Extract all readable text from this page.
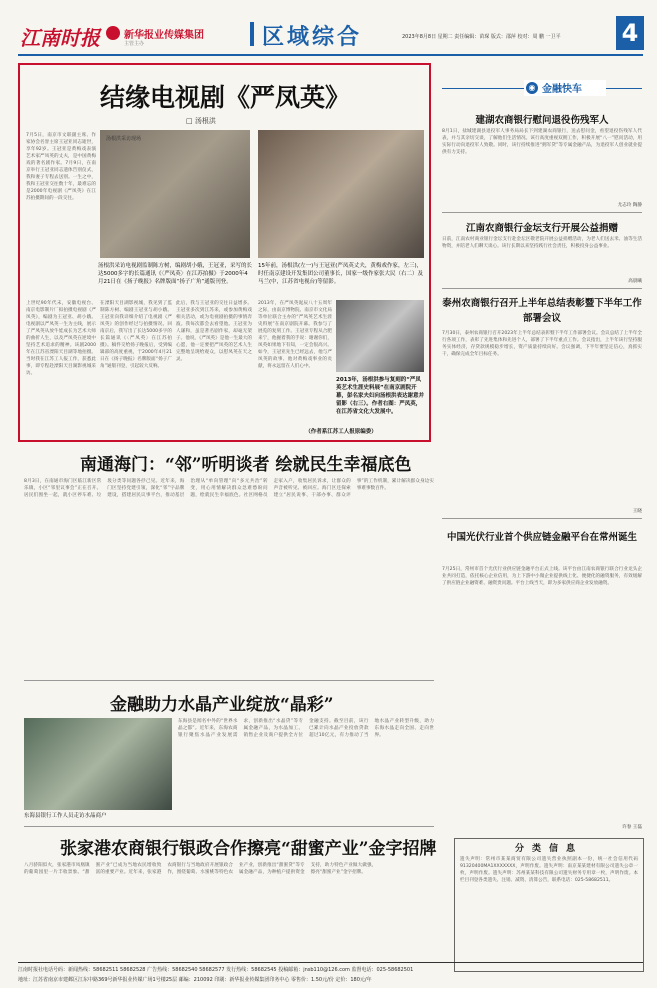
江南时报 新华报业传媒集团
主管主办	区域综合	2023年8月8日 星期二 责任编辑：苗琛 版式：邵萍 校对：周 鹏 一卫平	4
结缘电视剧《严凤英》
□ 汤根洪
7月5日，南京市文联副主席、作家协会名誉主席王冠亚同志逝世，享年92岁。王冠亚是黄梅戏表演艺术家严凤英的丈夫，是中国黄梅戏的著名剧作家。7月9日，在南京举行王冠亚同志遗体告别仪式，我和妻子专程去送别。一生之中，我和王冠亚交往数十年，最难忘的是2000年电视剧《严凤英》在江苏拍摄期间的一段交往。
汤根洪采访现场
汤根洪采访电视剧监制陈方树，编剧胡小娥，王冠亚，采写的长达5000多字的长篇通讯《〈严凤英〉在江苏拍摄》于2000年4月21日在《扬子晚报》名牌版面“扬子广角”通版刊登。
15年前，汤根洪(左一)与王冠亚(严凤英丈夫，黄梅戏作家，左三)，时任南京建设开发集团公司董事长，国家一级作家张大民（右二）及马兰(中，江苏省电视台)等留影。
上世纪90年代末，安徽电视台、南京电影制片厂拟拍摄电视剧《严凤英》，编剧为王冠亚、胡小娥。电视剧以严凤英一生为主线，展示了严凤英从放牛娃成长为艺术大师的曲折人生，以及严凤英在逆境中坚持艺术追求的精神。该剧2000年在江苏省溧阳天目湖等地拍摄。当时我在江苏工人报工作，获悉此事，即专程赴溧阳天目湖影视城采访。
在溧阳天目湖影视城，我见到了监制陈方树、编剧王冠亚与胡小娥。王冠亚向我详细介绍了电视剧《严凤英》的创作经过与拍摄情况。回南京后，我写出了长达5000多字的长篇通讯《〈严凤英〉在江苏拍摄》。稿件交给扬子晚报后，受到编辑部的高度重视，于2000年4月21日在《扬子晚报》名牌版面“扬子广角”通版刊登，引起较大反响。
此后，我与王冠亚的交往日益增多。王冠亚多次到江苏来，或参加黄梅戏相关活动，或为电视剧拍摄的事情奔波。我每次都会去看望他。王冠亚为人谦和，虽是著名剧作家，却毫无架子。他说，《严凤英》是他一生最大的心愿，他一定要把严凤英的艺术人生完整地呈现给观众，以慰凤英在天之灵。
2013年，在严凤英诞辰八十五周年之际，由南京博物院、南京市文化局等单位联合主办的“严凤英艺术生涯史料展”在南京剧院开幕。我参与了展览的复刻工作。王冠亚专程从合肥来宁，他握着我的手说：谢谢你们，凤英如果地下有知，一定会很高兴。如今，王冠亚先生已经远去，他与严凤英的故事、他对黄梅戏事业的贡献，将永远留在人们心中。
2013年，汤根洪参与复刻的“严凤英艺术生涯史料展”在南京剧院开幕，彭名家夫妇向汤根洪表达谢意并留影（右三）。作者右图：严凤英，在江苏省文化大发展中。
（作者系江苏工人报原编委）
◉ 金融快车
建湖农商银行慰问退役伤残军人
8月1日，盐城建湖县退役军人事务局局长下到建湖农商银行，送去慰问金，看望退役伤残军人代表，并与其亲切交谈，了解他们生活情况。该行高度重视双拥工作，积极开展“八一”慰问活动，用实际行动向退役军人致敬。同时，该行持续推进“拥军贷”等专属金融产品，为退役军人创业就业提供有力支持。
尤志玲 陶静
江南农商银行金坛支行开展公益捐赠
日前，江南农村商业银行金坛支行赴金坛区敬老院开展公益捐赠活动，为老人们送去米、油等生活物资，并陪老人们聊天谈心。该行长期以来坚持践行社会责任，积极投身公益事业。
高晨曦
泰州农商银行召开上半年总结表彰暨下半年工作部署会议
7月30日，泰州农商银行召开2023年上半年总结表彰暨下半年工作部署会议。会议总结了上半年全行各项工作，表彰了先进集体和先进个人，部署了下半年重点工作。会议指出，上半年该行坚持服务实体经济，存贷款规模稳步增长，资产质量持续向好。会议强调，下半年要坚定信心，真抓实干，确保完成全年目标任务。
王晓
中国光伏行业首个供应链金融平台在常州诞生
7月25日，常州市首个光伏行业供应链金融平台正式上线。该平台由江南农商银行联合行业龙头企业共同打造，依托核心企业信用，为上下游中小微企业提供线上化、便捷化的融资服务，有效缓解了供应链企业融资难、融资贵问题。平台上线当天，即为多家供应商企业发放融资。
许春 王磊
分类信息
遗失声明：常州市某某商贸有限公司遗失营业执照副本一份，统一社会信用代码91320400MA1XXXXXXX，声明作废。遗失声明：南京某某建材有限公司遗失公章一枚，声明作废。遗失声明：苏州某某科技有限公司遗失财务专用章一枚，声明作废。本栏目刊登各类遗失、注销、减资、清算公告，联系电话：025-58682511。
南通海门：“邻”听明谈者 绘就民生幸福底色
8月3日，在南通市海门区临江新区常乐镇，小区“邻里议事会”正在召开。居民们围坐一起，就小区停车难、垃圾分类等问题各抒己见。近年来，海门区坚持党建引领，深化“邻”字品牌建设，搭建居民议事平台，推动基层治理从“单向管理”向“多元共治”转变，用心用情解决群众急难愁盼问题，绘就民生幸福底色。社区网格员走家入户，收集居民诉求，让群众的声音被听见、被回应。海门区还探索建立“居民说事、干部办事、群众评事”的工作机制，累计解决群众身边实事难事数百件。
金融助力水晶产业绽放“晶彩”
东海县银行工作人员走访水晶商户
东海县是闻名中外的“世界水晶之都”。近年来，东海农商银行聚焦水晶产业发展需求，创新推出“水晶贷”等专属金融产品，为水晶加工、销售企业及商户提供全方位金融支持。截至目前，该行已累计向水晶产业投放贷款超过10亿元，有力推动了当地水晶产业转型升级，助力东海水晶走向全国、走向世界。
张家港农商银行银政合作擦亮“甜蜜产业”金字招牌
八月骄阳似火，张家港市凤凰镇的葡萄园里一片丰收景象。“甜蜜产业”已成为当地农民增收致富的重要产业。近年来，张家港农商银行与当地政府开展银政合作，围绕葡萄、水蜜桃等特色农业产业，创新推出“甜蜜贷”等专属金融产品，为种植户提供资金支持，助力特色产业做大做强，擦亮“甜蜜产业”金字招牌。
江南时报社电话号码：新闻热线：58682511 58682528 广告热线：58682540 58682577 发行热线：58682545 投稿邮箱：jnsb110@126.com 监督电话：025-58682501
地址：江苏省南京市建邺区江东中路369号新华报业传媒广场1号楼25层 邮编：210092 印刷：新华报业传媒集团印务中心 零售价：1.50元/份 定价：180元/年
